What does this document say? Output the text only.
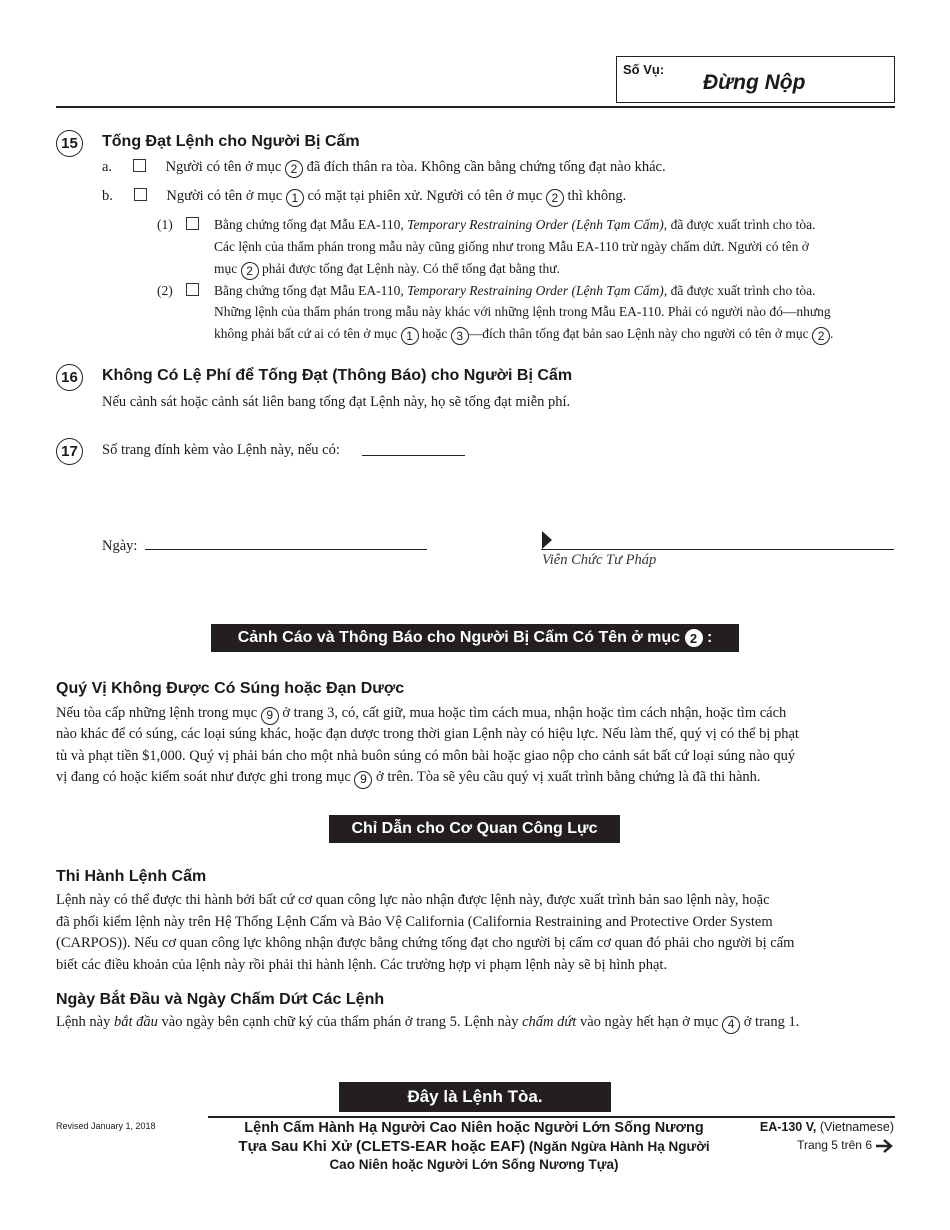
Số Vụ:
Đừng Nộp
15	Tống Đạt Lệnh cho Người Bị Cấm
a.	Người có tên ở mục 2 đã đích thân ra tòa. Không cần bằng chứng tống đạt nào khác.
b.	Người có tên ở mục 1 có mặt tại phiên xử. Người có tên ở mục 2 thì không.
(1)	Bằng chứng tống đạt Mẫu EA-110, Temporary Restraining Order (Lệnh Tạm Cấm), đã được xuất trình cho tòa.
Các lệnh của thẩm phán trong mẫu này cũng giống như trong Mẫu EA-110 trừ ngày chấm dứt. Người có tên ở
mục 2 phải được tống đạt Lệnh này. Có thể tống đạt bằng thư.
(2)	Bằng chứng tống đạt Mẫu EA-110, Temporary Restraining Order (Lệnh Tạm Cấm), đã được xuất trình cho tòa.
Những lệnh của thẩm phán trong mẫu này khác với những lệnh trong Mẫu EA-110. Phải có người nào đó—nhưng
không phải bất cứ ai có tên ở mục 1 hoặc 3 —đích thân tống đạt bản sao Lệnh này cho người có tên ở mục 2 .
16	Không Có Lệ Phí để Tống Đạt (Thông Báo) cho Người Bị Cấm
Nếu cảnh sát hoặc cảnh sát liên bang tống đạt Lệnh này, họ sẽ tống đạt miễn phí.
17	Số trang đính kèm vào Lệnh này, nếu có:
Ngày:
Viên Chức Tư Pháp
Cảnh Cáo và Thông Báo cho Người Bị Cấm Có Tên ở mục
2
:
Quý Vị Không Được Có Súng hoặc Đạn Dược
Nếu tòa cấp những lệnh trong mục 9 ở trang 3, có, cất giữ, mua hoặc tìm cách mua, nhận hoặc tìm cách nhận, hoặc tìm cách
nào khác để có súng, các loại súng khác, hoặc đạn dược trong thời gian Lệnh này có hiệu lực. Nếu làm thế, quý vị có thể bị phạt
tù và phạt tiền $1,000. Quý vị phải bán cho một nhà buôn súng có môn bài hoặc giao nộp cho cảnh sát bất cứ loại súng nào quý
vị đang có hoặc kiểm soát như được ghi trong mục 9 ở trên. Tòa sẽ yêu cầu quý vị xuất trình bằng chứng là đã thi hành.
Chỉ Dẫn cho Cơ Quan Công Lực
Thi Hành Lệnh Cấm
Lệnh này có thể được thi hành bởi bất cứ cơ quan công lực nào nhận được lệnh này, được xuất trình bản sao lệnh này, hoặc
đã phối kiểm lệnh này trên Hệ Thống Lệnh Cấm và Bảo Vệ California (California Restraining and Protective Order System
(CARPOS)). Nếu cơ quan công lực không nhận được bằng chứng tống đạt cho người bị cấm cơ quan đó phải cho người bị cấm
biết các điều khoản của lệnh này rồi phải thi hành lệnh. Các trường hợp vi phạm lệnh này sẽ bị hình phạt.
Ngày Bắt Đầu và Ngày Chấm Dứt Các Lệnh
Lệnh này bắt đầu vào ngày bên cạnh chữ ký của thẩm phán ở trang 5. Lệnh này chấm dứt vào ngày hết hạn ở mục 4 ở trang 1.
Đây là Lệnh Tòa.
Revised January 1, 2018	Lệnh Cấm Hành Hạ Người Cao Niên hoặc Người Lớn Sống Nương
Tựa Sau Khi Xử (CLETS-EAR hoặc EAF) (Ngăn Ngừa Hành Hạ Người
Cao Niên hoặc Người Lớn Sống Nương Tựa)
EA-130 V, (Vietnamese)
Trang 5 trên 6
